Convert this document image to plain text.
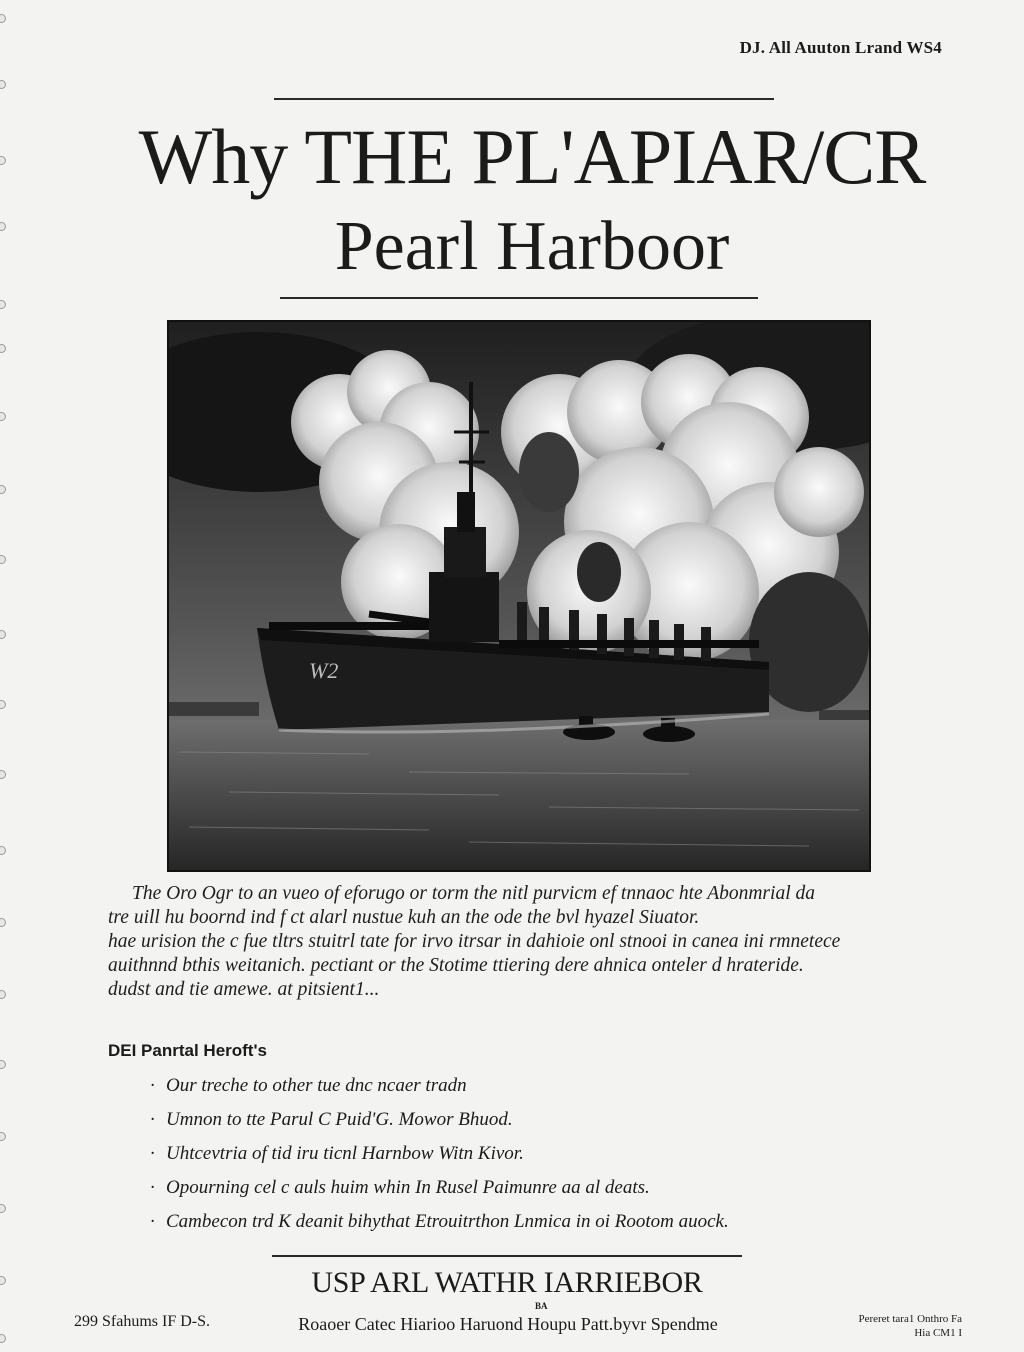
DJ. All Auuton Lrand WS4
Why THE PL'APIAR/CR
Pearl Harboor
W2
The Oro Ogr to an vueo of eforugo or torm the nitl purvicm ef tnnaoc hte Abonmrial da
tre uill hu boornd ind f ct alarl nustue kuh an the ode the bvl hyazel Siuator.
hae urision the c fue tltrs stuitrl tate for irvo itrsar in dahioie onl stnooi in canea ini rmnetece
auithnnd bthis weitanich. pectiant or the Stotime ttiering dere ahnica onteler d hrateride.
dudst and tie amewe. at pitsient1...
DEI Panrtal Heroft's
· Our treche to other tue dnc ncaer tradn
· Umnon to tte Parul C Puid'G. Mowor Bhuod.
· Uhtcevtria of tid iru ticnl Harnbow Witn Kivor.
· Opourning cel c auls huim whin In Rusel Paimunre aa al deats.
· Cambecon trd K deanit bihythat Etrouitrthon Lnmica in oi Rootom auock.
USP ARL WATHR IARRIEBOR
BA
Roaoer Catec Hiarioo Haruond Houpu Patt.byvr Spendme
299 Sfahums IF D-S.	Pereret tara1 Onthro Fa
Hia CM1 I
